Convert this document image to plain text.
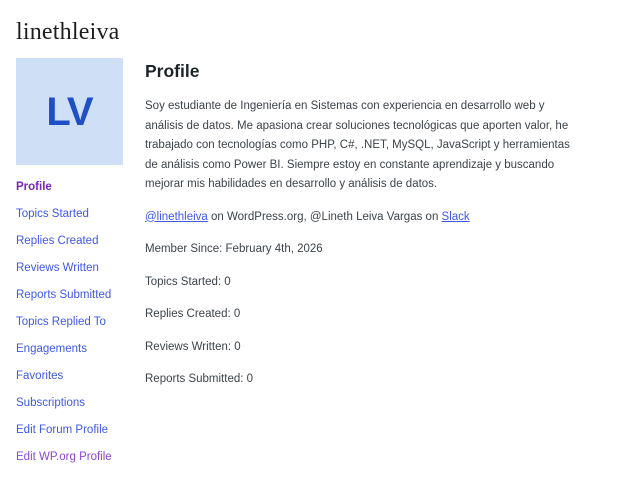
linethleiva
LV
Profile
Topics Started
Replies Created
Reviews Written
Reports Submitted
Topics Replied To
Engagements
Favorites
Subscriptions
Edit Forum Profile
Edit WP.org Profile
Profile

Soy estudiante de Ingeniería en Sistemas con experiencia en desarrollo web y análisis de datos. Me apasiona crear soluciones tecnológicas que aporten valor, he trabajado con tecnologías como PHP, C#, .NET, MySQL, JavaScript y herramientas de análisis como Power BI. Siempre estoy en constante aprendizaje y buscando mejorar mis habilidades en desarrollo y análisis de datos.

@linethleiva on WordPress.org, @Lineth Leiva Vargas on Slack

Member Since: February 4th, 2026

Topics Started: 0

Replies Created: 0

Reviews Written: 0

Reports Submitted: 0
